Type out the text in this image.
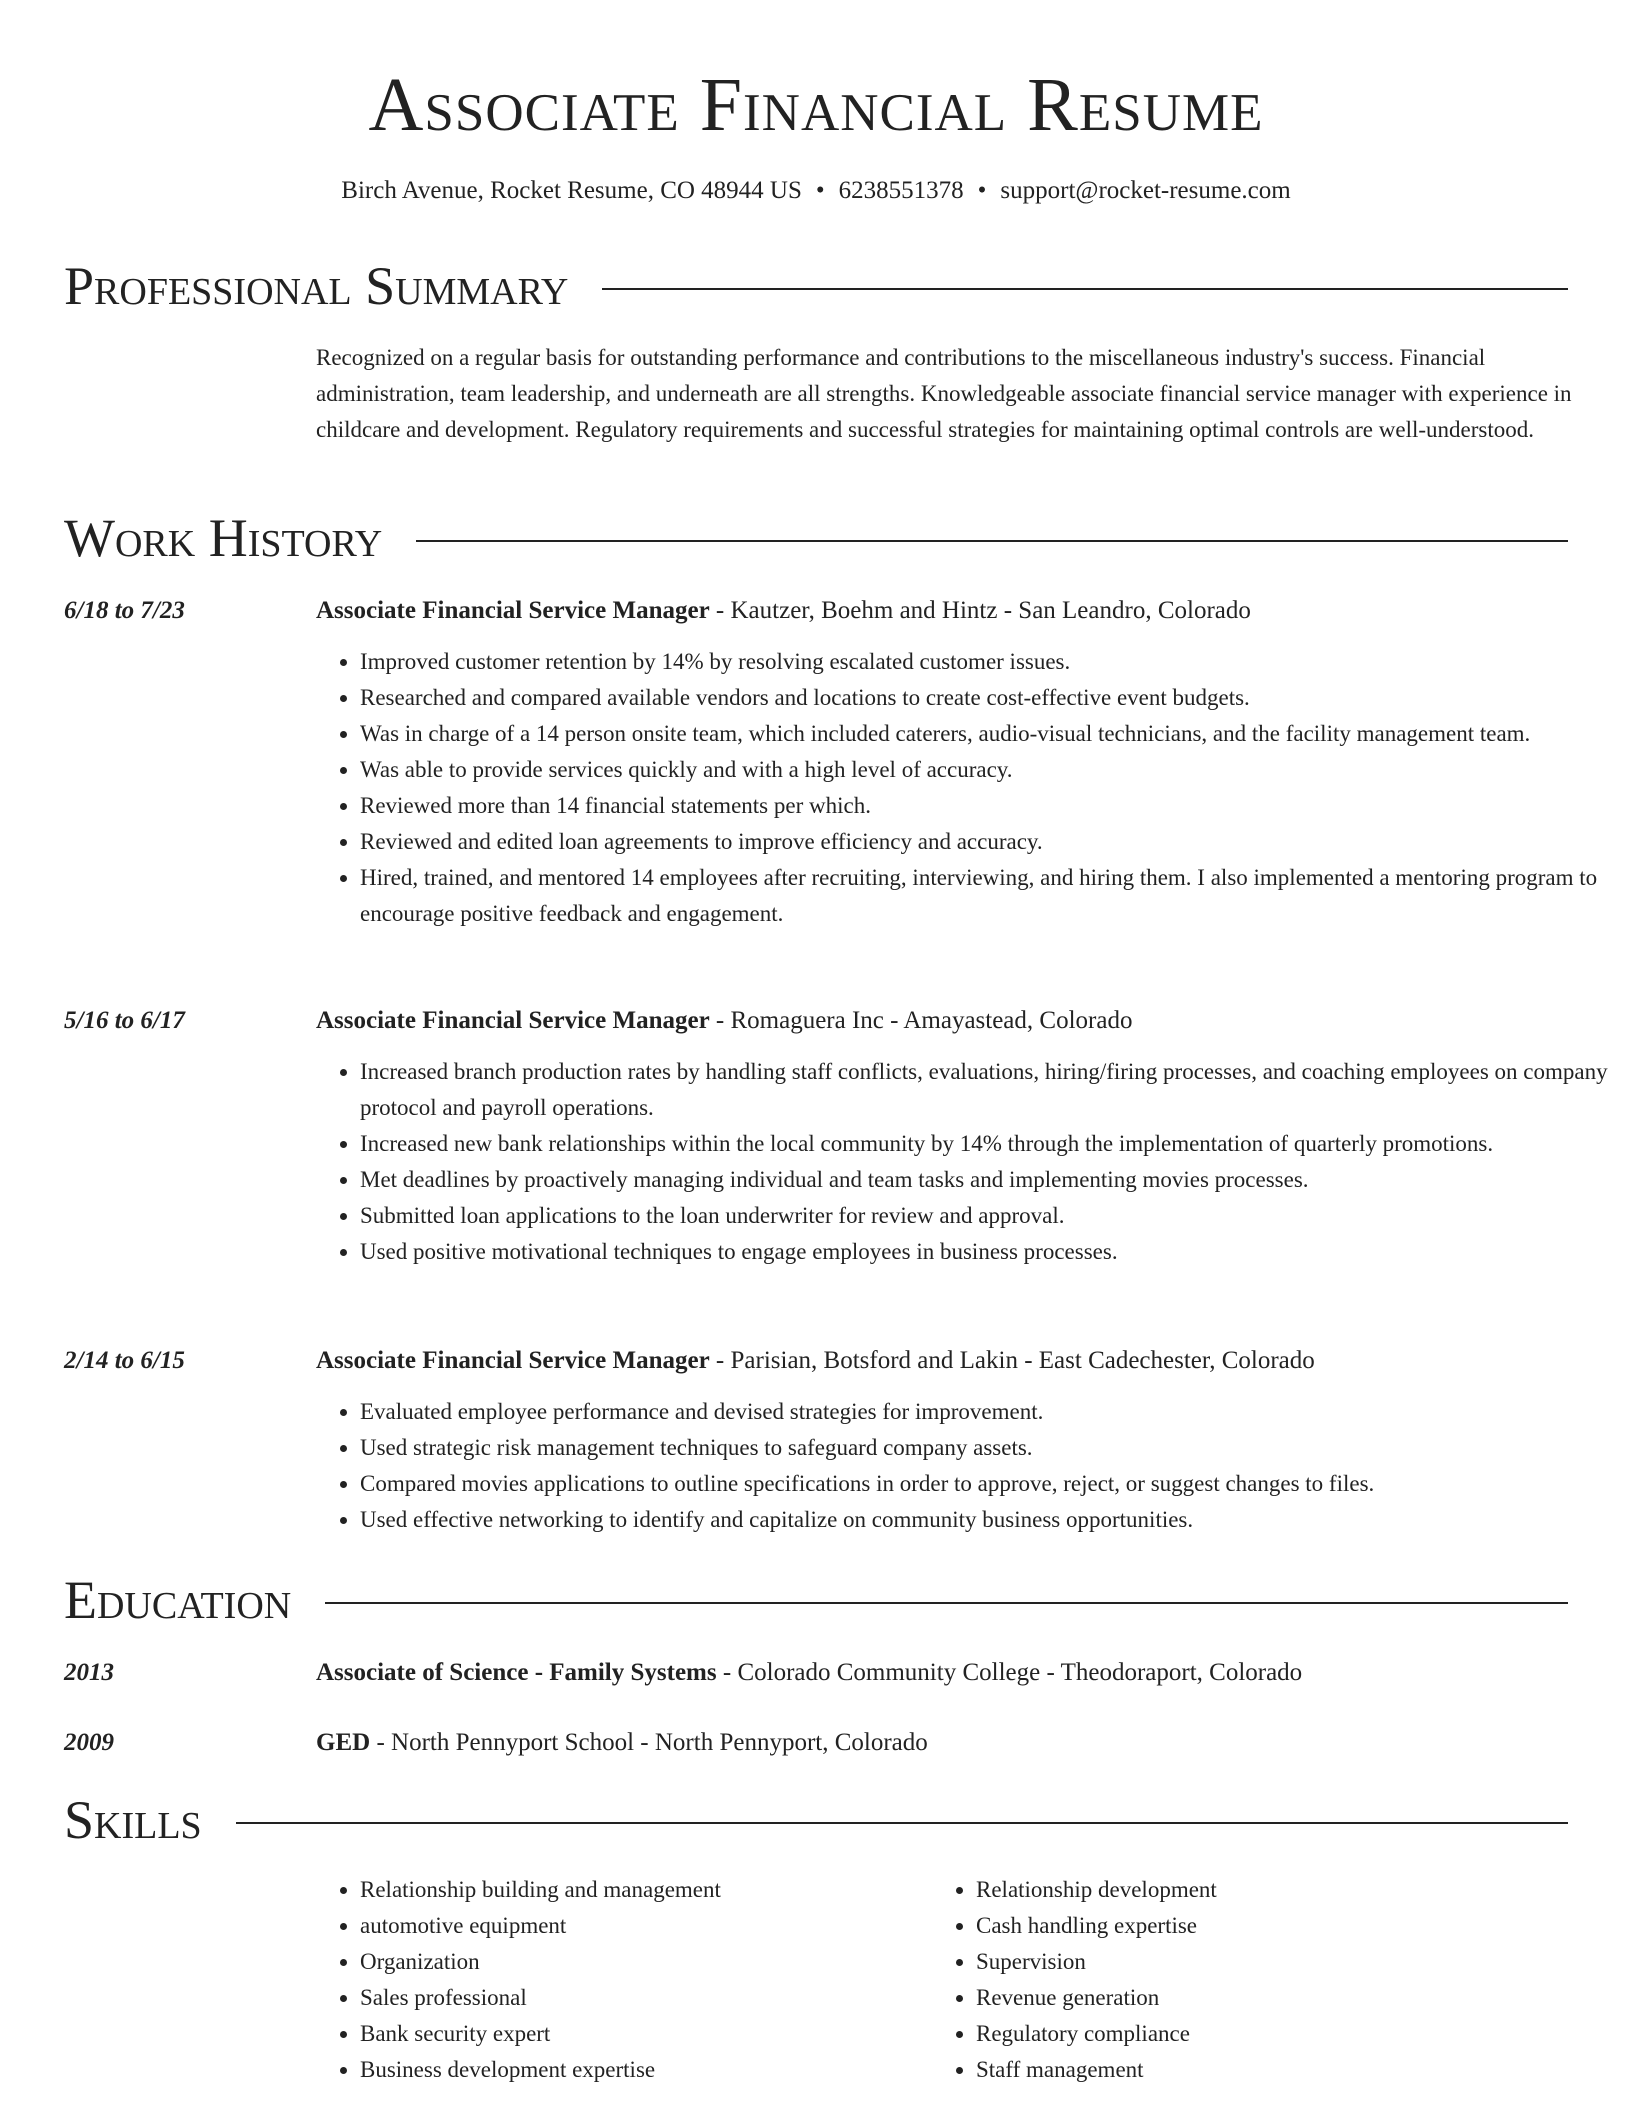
Associate Financial Resume
Birch Avenue, Rocket Resume, CO 48944 US • 6238551378 • support@rocket-resume.com
Professional Summary

Recognized on a regular basis for outstanding performance and contributions to the miscellaneous industry's success. Financial administration, team leadership, and underneath are all strengths. Knowledgeable associate financial service manager with experience in childcare and development. Regulatory requirements and successful strategies for maintaining optimal controls are well-understood.

Work History
6/18 to 7/23	Associate Financial Service Manager - Kautzer, Boehm and Hintz - San Leandro, Colorado
• Improved customer retention by 14% by resolving escalated customer issues.
• Researched and compared available vendors and locations to create cost-effective event budgets.
• Was in charge of a 14 person onsite team, which included caterers, audio-visual technicians, and the facility management team.
• Was able to provide services quickly and with a high level of accuracy.
• Reviewed more than 14 financial statements per which.
• Reviewed and edited loan agreements to improve efficiency and accuracy.
• Hired, trained, and mentored 14 employees after recruiting, interviewing, and hiring them. I also implemented a mentoring program to encourage positive feedback and engagement.
5/16 to 6/17	Associate Financial Service Manager - Romaguera Inc - Amayastead, Colorado
• Increased branch production rates by handling staff conflicts, evaluations, hiring/firing processes, and coaching employees on company protocol and payroll operations.
• Increased new bank relationships within the local community by 14% through the implementation of quarterly promotions.
• Met deadlines by proactively managing individual and team tasks and implementing movies processes.
• Submitted loan applications to the loan underwriter for review and approval.
• Used positive motivational techniques to engage employees in business processes.
2/14 to 6/15	Associate Financial Service Manager - Parisian, Botsford and Lakin - East Cadechester, Colorado
• Evaluated employee performance and devised strategies for improvement.
• Used strategic risk management techniques to safeguard company assets.
• Compared movies applications to outline specifications in order to approve, reject, or suggest changes to files.
• Used effective networking to identify and capitalize on community business opportunities.
Education
2013	Associate of Science - Family Systems - Colorado Community College - Theodoraport, Colorado
2009	GED - North Pennyport School - North Pennyport, Colorado
Skills
• Relationship building and management
• automotive equipment
• Organization
• Sales professional
• Bank security expert
• Business development expertise
• Relationship development
• Cash handling expertise
• Supervision
• Revenue generation
• Regulatory compliance
• Staff management
